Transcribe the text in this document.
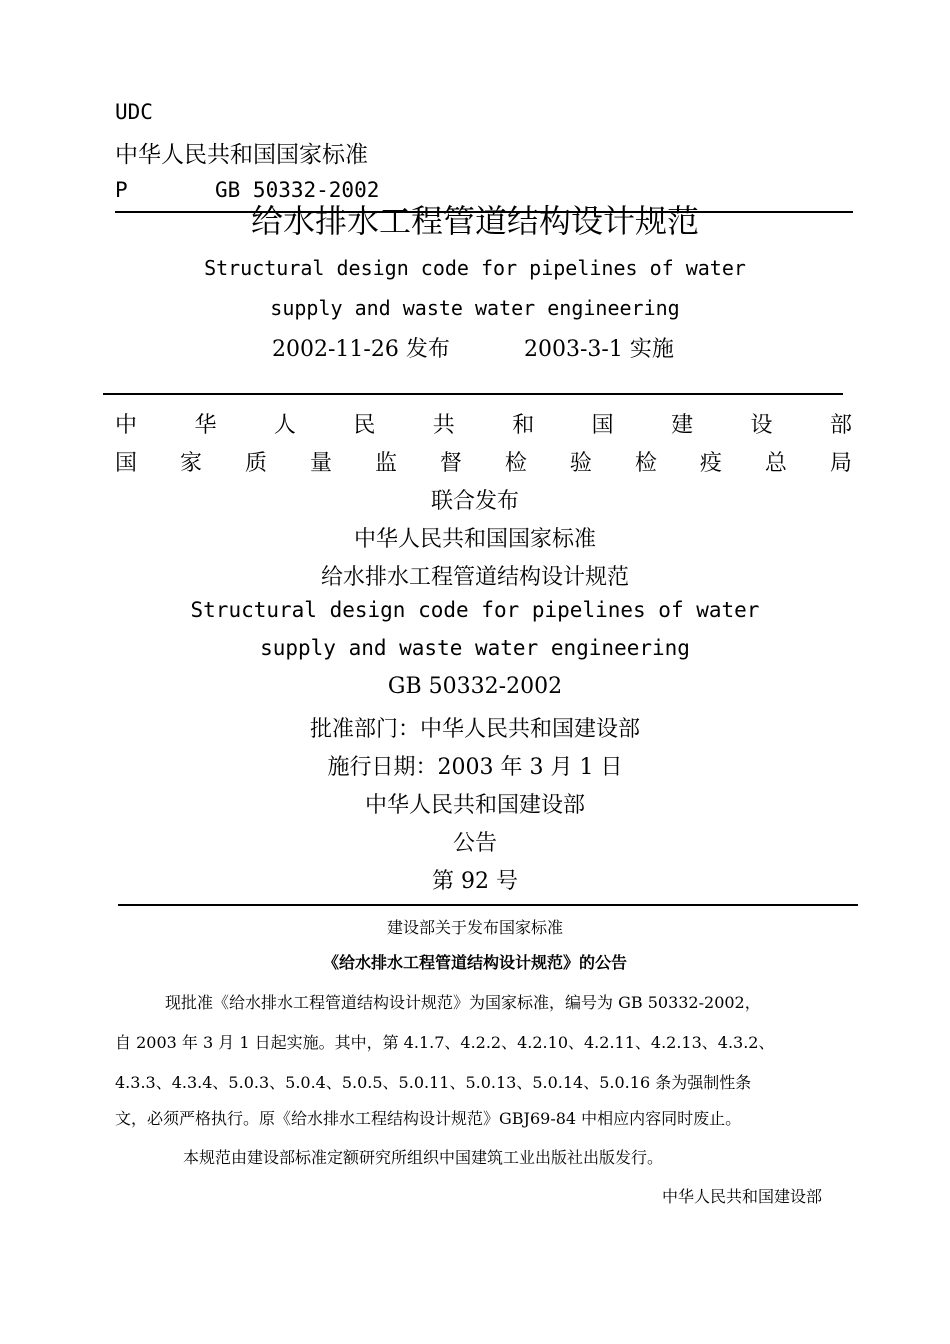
UDC
中华人民共和国国家标准
P	GB 50332-2002
给水排水工程管道结构设计规范
Structural design code for pipelines of water
supply and waste water engineering
2002-11-26 发布	2003-3-1 实施
中	华	人	民	共	和	国	建	设	部
国 家 质 量 监 督 检 验 检 疫 总 局
联合发布
中华人民共和国国家标准
给水排水工程管道结构设计规范
Structural design code for pipelines of water
supply and waste water engineering
GB 50332-2002
批准部门：中华人民共和国建设部
施行日期：2003 年 3 月 1 日
中华人民共和国建设部
公告
第 92 号
建设部关于发布国家标准
《给水排水工程管道结构设计规范》的公告
现批准《给水排水工程管道结构设计规范》为国家标准，编号为 GB 50332-2002，
自 2003 年 3 月 1 日起实施。其中，第 4.1.7、4.2.2、4.2.10、4.2.11、4.2.13、4.3.2、
4.3.3、4.3.4、5.0.3、5.0.4、5.0.5、5.0.11、5.0.13、5.0.14、5.0.16 条为强制性条
文，必须严格执行。原《给水排水工程结构设计规范》GBJ69-84 中相应内容同时废止。
本规范由建设部标准定额研究所组织中国建筑工业出版社出版发行。
中华人民共和国建设部
